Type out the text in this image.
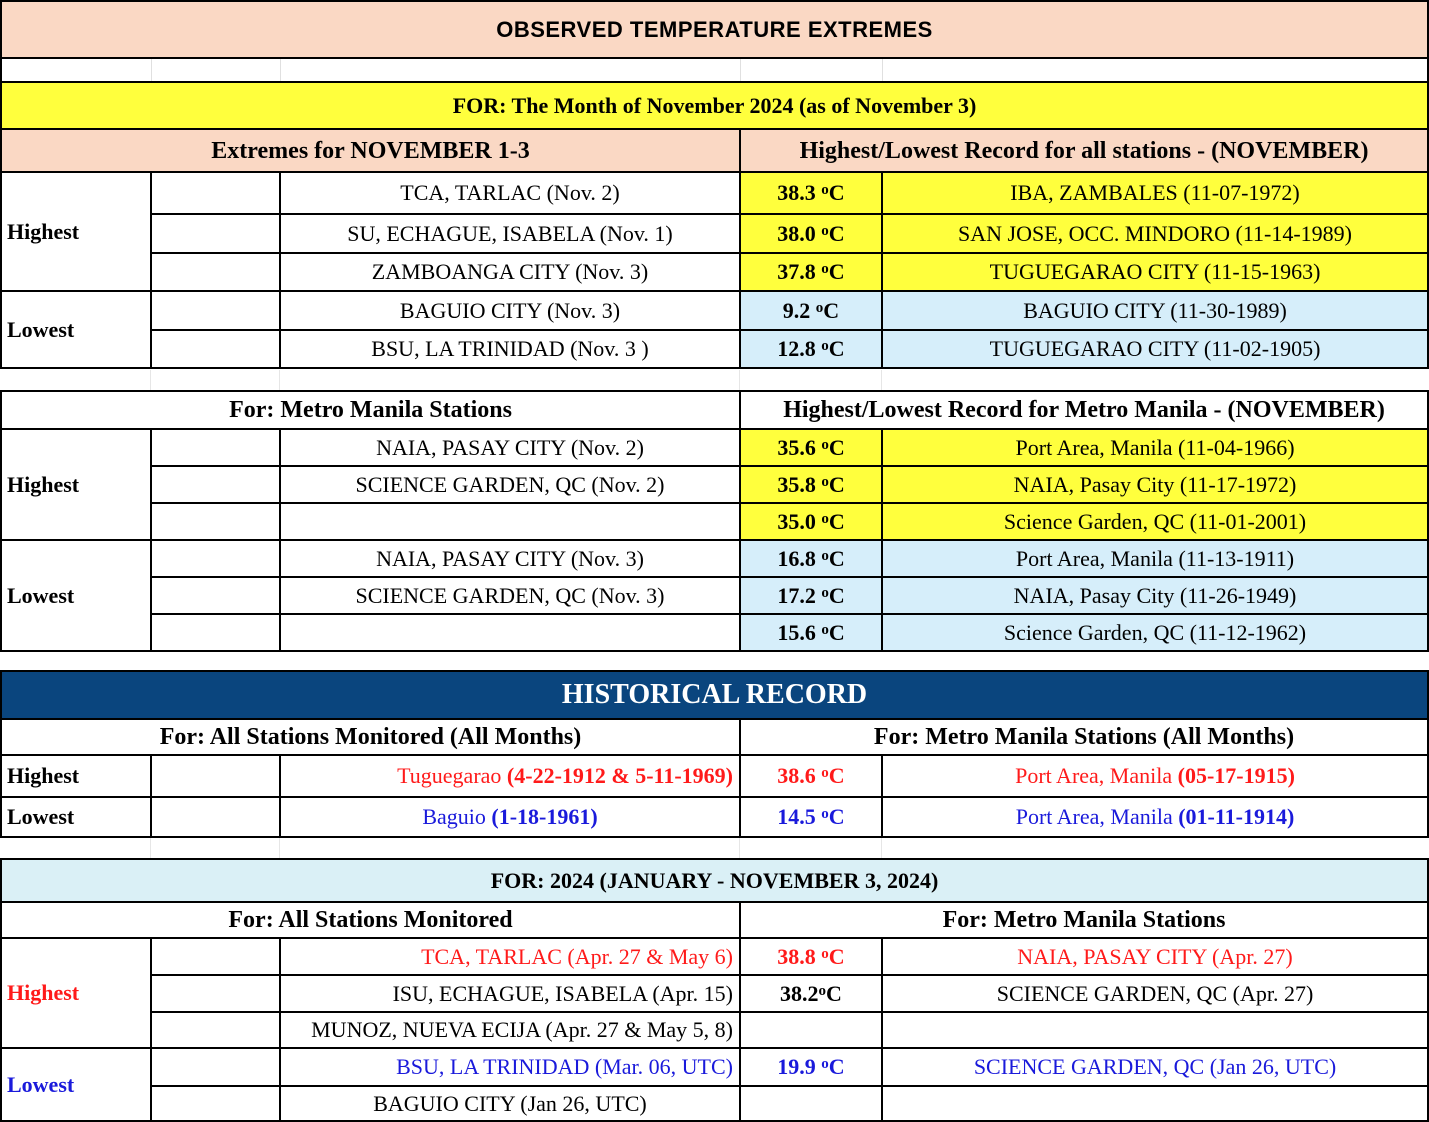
OBSERVED TEMPERATURE EXTREMES				

FOR: The Month of November 2024 (as of November 3)				
Extremes for NOVEMBER 1-3			Highest/Lowest Record for all stations - (NOVEMBER)	
Highest		TCA, TARLAC (Nov. 2)	38.3 $^o$C	IBA, ZAMBALES (11-07-1972)
		SU, ECHAGUE, ISABELA (Nov. 1)	38.0 $^o$C	SAN JOSE, OCC. MINDORO (11-14-1989)
		ZAMBOANGA CITY (Nov. 3)	37.8 $^o$C	TUGUEGARAO CITY (11-15-1963)
Lowest		BAGUIO CITY (Nov. 3)	9.2 $^o$C	BAGUIO CITY (11-30-1989)
		BSU, LA TRINIDAD (Nov. 3 )	12.8 $^o$C	TUGUEGARAO CITY (11-02-1905)
For: Metro Manila Stations			Highest/Lowest Record for Metro Manila - (NOVEMBER)	
Highest		NAIA, PASAY CITY (Nov. 2)	35.6 $^o$C	Port Area, Manila (11-04-1966)
		SCIENCE GARDEN, QC (Nov. 2)	35.8 $^o$C	NAIA, Pasay City (11-17-1972)
			35.0 $^o$C	Science Garden, QC (11-01-2001)
Lowest		NAIA, PASAY CITY (Nov. 3)	16.8 $^o$C	Port Area, Manila (11-13-1911)
		SCIENCE GARDEN, QC (Nov. 3)	17.2 $^o$C	NAIA, Pasay City (11-26-1949)
			15.6 $^o$C	Science Garden, QC (11-12-1962)
HISTORICAL RECORD				
For: All Stations Monitored (All Months)			For: Metro Manila Stations (All Months)	
Highest		Tuguegarao (4-22-1912 & 5-11-1969)	38.6 $^o$C	Port Area, Manila (05-17-1915)
Lowest		Baguio (1-18-1961)	14.5 $^o$C	Port Area, Manila (01-11-1914)
FOR: 2024 (JANUARY - NOVEMBER 3, 2024)				
For: All Stations Monitored			For: Metro Manila Stations	
Highest		TCA, TARLAC (Apr. 27 & May 6)	38.8 $^o$C	NAIA, PASAY CITY (Apr. 27)
		ISU, ECHAGUE, ISABELA (Apr. 15)	38.2$^o$C	SCIENCE GARDEN, QC (Apr. 27)
		MUNOZ, NUEVA ECIJA (Apr. 27 & May 5, 8)		
Lowest		BSU, LA TRINIDAD (Mar. 06, UTC)	19.9 $^o$C	SCIENCE GARDEN, QC (Jan 26, UTC)
		BAGUIO CITY (Jan 26, UTC)		
